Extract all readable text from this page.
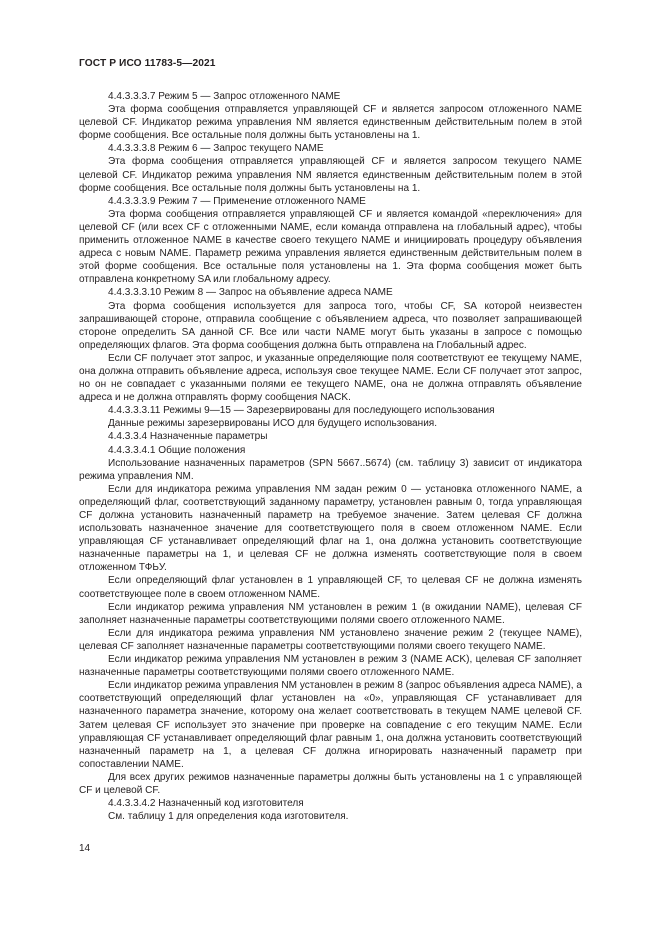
ГОСТ Р ИСО 11783-5—2021

4.4.3.3.3.7 Режим 5 — Запрос отложенного NAME

Эта форма сообщения отправляется управляющей CF и является запросом отложенного NAME целевой CF. Индикатор режима управления NM является единственным действительным полем в этой форме сообщения. Все остальные поля должны быть установлены на 1.

4.4.3.3.3.8 Режим 6 — Запрос текущего NAME

Эта форма сообщения отправляется управляющей CF и является запросом текущего NAME целевой CF. Индикатор режима управления NM является единственным действительным полем в этой форме сообщения. Все остальные поля должны быть установлены на 1.

4.4.3.3.3.9 Режим 7 — Применение отложенного NAME

Эта форма сообщения отправляется управляющей CF и является командой «переключения» для целевой CF (или всех CF с отложенными NAME, если команда отправлена на глобальный адрес), чтобы применить отложенное NAME в качестве своего текущего NAME и инициировать процедуру объявления адреса с новым NAME. Параметр режима управления является единственным действительным полем в этой форме сообщения. Все остальные поля установлены на 1. Эта форма сообщения может быть отправлена конкретному SA или глобальному адресу.

4.4.3.3.3.10 Режим 8 — Запрос на объявление адреса NAME

Эта форма сообщения используется для запроса того, чтобы CF, SA которой неизвестен запрашивающей стороне, отправила сообщение с объявлением адреса, что позволяет запрашивающей стороне определить SA данной CF. Все или части NAME могут быть указаны в запросе с помощью определяющих флагов. Эта форма сообщения должна быть отправлена на Глобальный адрес.

Если CF получает этот запрос, и указанные определяющие поля соответствуют ее текущему NAME, она должна отправить объявление адреса, используя свое текущее NAME. Если CF получает этот запрос, но он не совпадает с указанными полями ее текущего NAME, она не должна отправлять объявление адреса и не должна отправлять форму сообщения NACK.

4.4.3.3.3.11 Режимы 9—15 — Зарезервированы для последующего использования

Данные режимы зарезервированы ИСО для будущего использования.

4.4.3.3.4 Назначенные параметры

4.4.3.3.4.1 Общие положения

Использование назначенных параметров (SPN 5667..5674) (см. таблицу 3) зависит от индикатора режима управления NM.

Если для индикатора режима управления NM задан режим 0 — установка отложенного NAME, а определяющий флаг, соответствующий заданному параметру, установлен равным 0, тогда управляющая CF должна установить назначенный параметр на требуемое значение. Затем целевая CF должна использовать назначенное значение для соответствующего поля в своем отложенном NAME. Если управляющая CF устанавливает определяющий флаг на 1, она должна установить соответствующие назначенные параметры на 1, и целевая CF не должна изменять соответствующие поля в своем отложенном ТФЬУ.

Если определяющий флаг установлен в 1 управляющей CF, то целевая CF не должна изменять соответствующее поле в своем отложенном NAME.

Если индикатор режима управления NM установлен в режим 1 (в ожидании NAME), целевая CF заполняет назначенные параметры соответствующими полями своего отложенного NAME.

Если для индикатора режима управления NM установлено значение режим 2 (текущее NAME), целевая CF заполняет назначенные параметры соответствующими полями своего текущего NAME.

Если индикатор режима управления NM установлен в режим 3 (NAME ACK), целевая CF заполняет назначенные параметры соответствующими полями своего отложенного NAME.

Если индикатор режима управления NM установлен в режим 8 (запрос объявления адреса NAME), а соответствующий определяющий флаг установлен на «0», управляющая CF устанавливает для назначенного параметра значение, которому она желает соответствовать в текущем NAME целевой CF. Затем целевая CF использует это значение при проверке на совпадение с его текущим NAME. Если управляющая CF устанавливает определяющий флаг равным 1, она должна установить соответствующий назначенный параметр на 1, а целевая CF должна игнорировать назначенный параметр при сопоставлении NAME.

Для всех других режимов назначенные параметры должны быть установлены на 1 с управляющей CF и целевой CF.

4.4.3.3.4.2 Назначенный код изготовителя

См. таблицу 1 для определения кода изготовителя.

14
